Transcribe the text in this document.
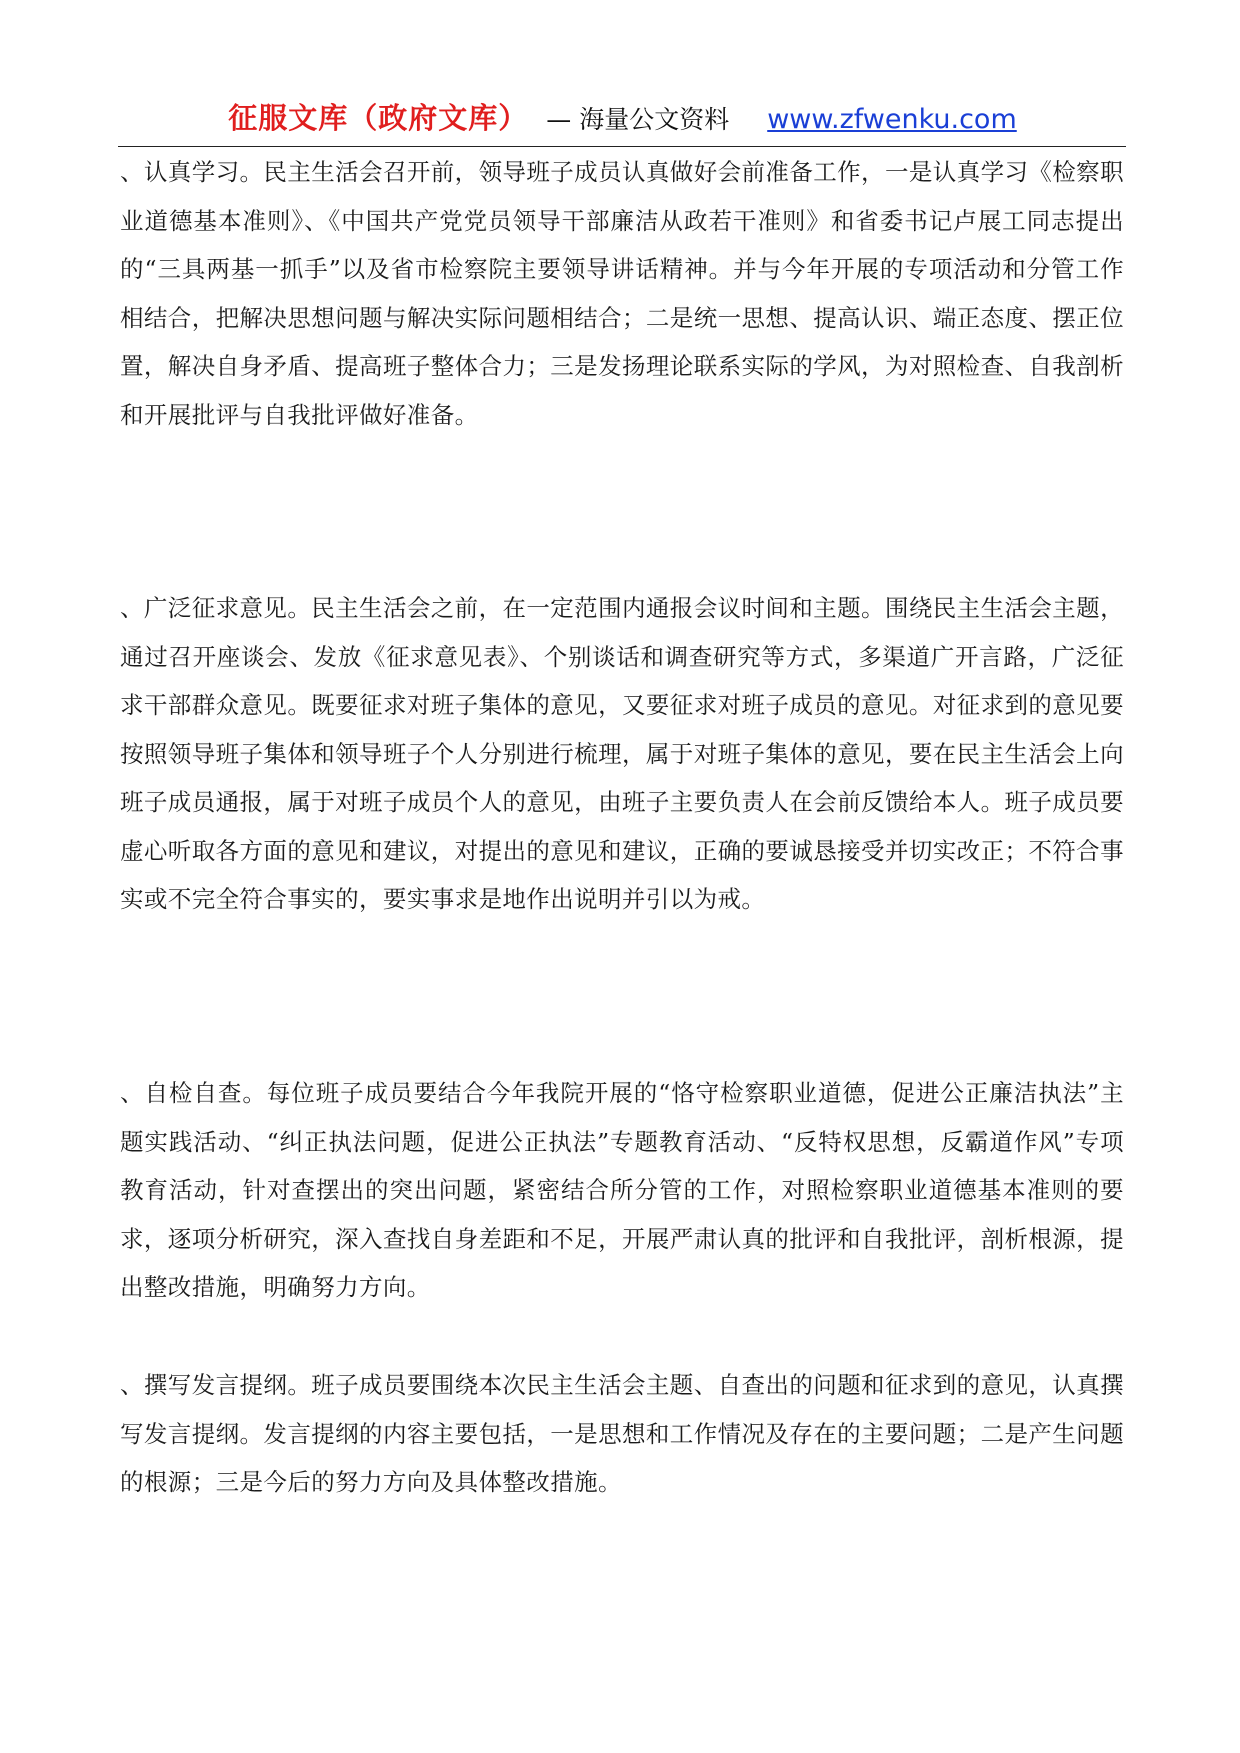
征服文库（政府文库） — 海量公文资料 www.zfwenku.com

、认真学习。民主生活会召开前，领导班子成员认真做好会前准备工作，一是认真学习《检察职业道德基本准则》、《中国共产党党员领导干部廉洁从政若干准则》和省委书记卢展工同志提出的“三具两基一抓手”以及省市检察院主要领导讲话精神。并与今年开展的专项活动和分管工作相结合，把解决思想问题与解决实际问题相结合；二是统一思想、提高认识、端正态度、摆正位置，解决自身矛盾、提高班子整体合力；三是发扬理论联系实际的学风，为对照检查、自我剖析和开展批评与自我批评做好准备。

、广泛征求意见。民主生活会之前，在一定范围内通报会议时间和主题。围绕民主生活会主题，通过召开座谈会、发放《征求意见表》、个别谈话和调查研究等方式，多渠道广开言路，广泛征求干部群众意见。既要征求对班子集体的意见，又要征求对班子成员的意见。对征求到的意见要按照领导班子集体和领导班子个人分别进行梳理，属于对班子集体的意见，要在民主生活会上向班子成员通报，属于对班子成员个人的意见，由班子主要负责人在会前反馈给本人。班子成员要虚心听取各方面的意见和建议，对提出的意见和建议，正确的要诚恳接受并切实改正；不符合事实或不完全符合事实的，要实事求是地作出说明并引以为戒。

、自检自查。每位班子成员要结合今年我院开展的“恪守检察职业道德，促进公正廉洁执法”主题实践活动、“纠正执法问题，促进公正执法”专题教育活动、“反特权思想，反霸道作风”专项教育活动，针对查摆出的突出问题，紧密结合所分管的工作，对照检察职业道德基本准则的要求，逐项分析研究，深入查找自身差距和不足，开展严肃认真的批评和自我批评，剖析根源，提出整改措施，明确努力方向。

、撰写发言提纲。班子成员要围绕本次民主生活会主题、自查出的问题和征求到的意见，认真撰写发言提纲。发言提纲的内容主要包括，一是思想和工作情况及存在的主要问题；二是产生问题的根源；三是今后的努力方向及具体整改措施。
